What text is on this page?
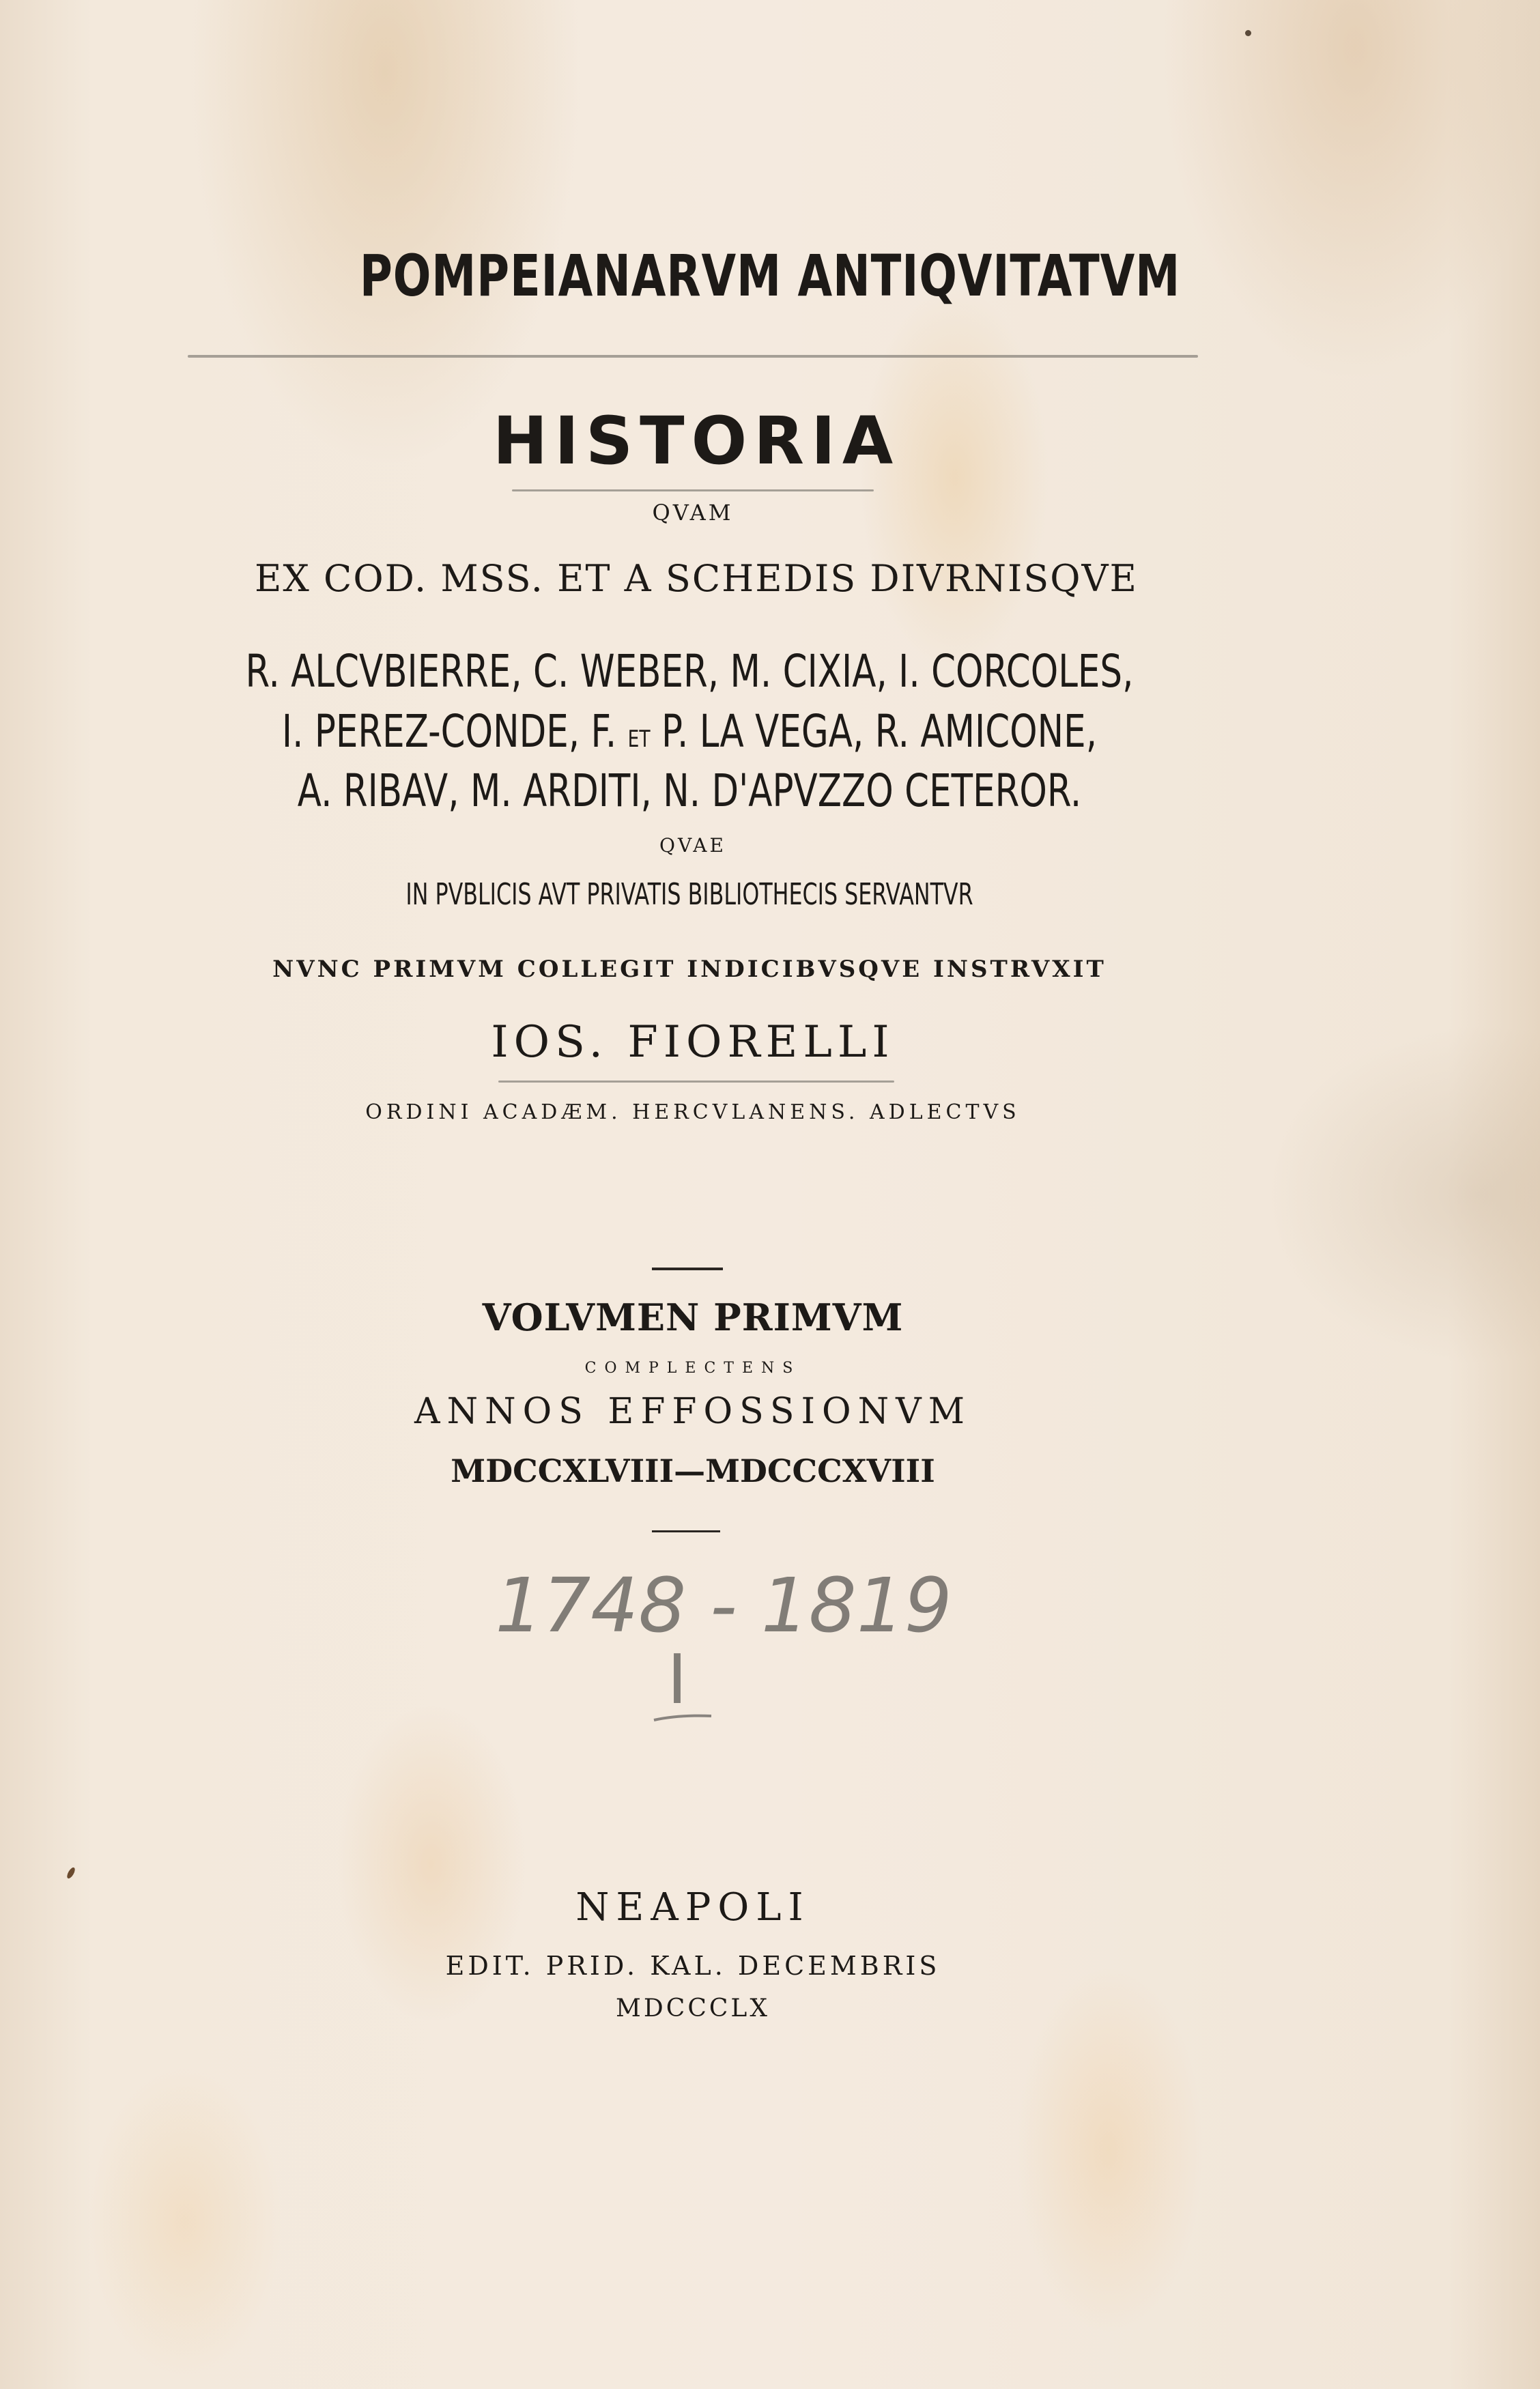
POMPEIANARVM ANTIQVITATVM
HISTORIA
QVAM
EX COD. MSS. ET A SCHEDIS DIVRNISQVE
R. ALCVBIERRE, C. WEBER, M. CIXIA, I. CORCOLES,
I. PEREZ-CONDE, F. ET P. LA VEGA, R. AMICONE,
A. RIBAV, M. ARDITI, N. D'APVZZO CETEROR.
QVAE
IN PVBLICIS AVT PRIVATIS BIBLIOTHECIS SERVANTVR
NVNC PRIMVM COLLEGIT INDICIBVSQVE INSTRVXIT
IOS. FIORELLI
ORDINI ACADÆM. HERCVLANENS. ADLECTVS
VOLVMEN PRIMVM
COMPLECTENS
ANNOS EFFOSSIONVM
MDCCXLVIII—MDCCCXVIII
1748 - 1819
I
NEAPOLI
EDIT. PRID. KAL. DECEMBRIS
MDCCCLX
